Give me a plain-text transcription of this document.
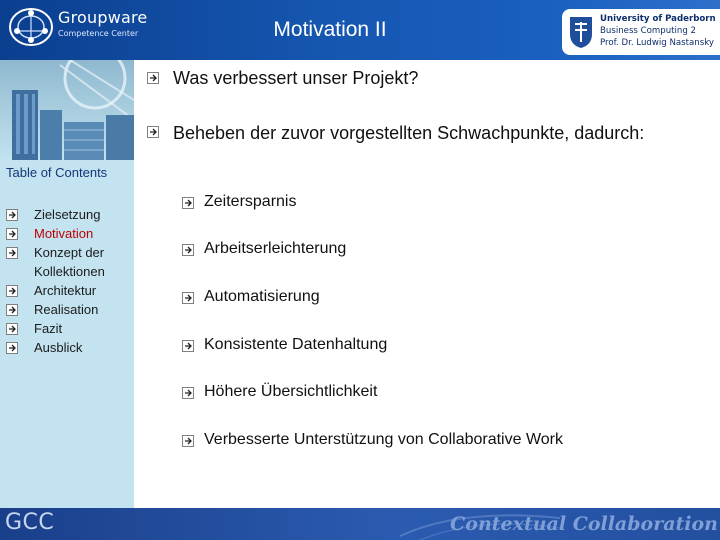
Groupware
Competence Center	Motivation II	University of Paderborn
Business Computing 2
Prof. Dr. Ludwig Nastansky
Table of Contents
Zielsetzung
Motivation
Konzept der Kollektionen
Architektur
Realisation
Fazit
Ausblick
Was verbessert unser Projekt?
Beheben der zuvor vorgestellten Schwachpunkte, dadurch:
Zeitersparnis
Arbeitserleichterung
Automatisierung
Konsistente Datenhaltung
Höhere Übersichtlichkeit
Verbesserte Unterstützung von Collaborative Work
GCC	Contextual Collaboration
